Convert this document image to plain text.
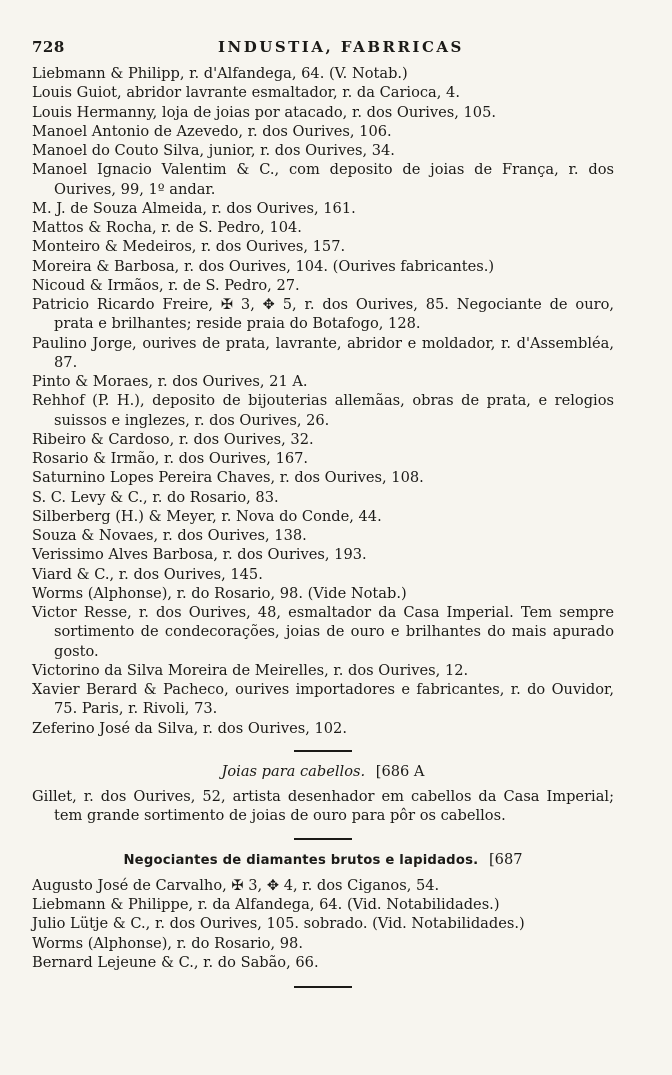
728	INDUSTIA, FABRRICAS

Liebmann & Philipp, r. d'Alfandega, 64. (V. Notab.)

Louis Guiot, abridor lavrante esmaltador, r. da Carioca, 4.

Louis Hermanny, loja de joias por atacado, r. dos Ourives, 105.

Manoel Antonio de Azevedo, r. dos Ourives, 106.

Manoel do Couto Silva, junior, r. dos Ourives, 34.

Manoel Ignacio Valentim & C., com deposito de joias de França, r. dos Ourives, 99, 1º andar.

M. J. de Souza Almeida, r. dos Ourives, 161.

Mattos & Rocha, r. de S. Pedro, 104.

Monteiro & Medeiros, r. dos Ourives, 157.

Moreira & Barbosa, r. dos Ourives, 104. (Ourives fabricantes.)

Nicoud & Irmãos, r. de S. Pedro, 27.

Patricio Ricardo Freire, ✠ 3, ✥ 5, r. dos Ourives, 85. Negociante de ouro, prata e brilhantes; reside praia do Botafogo, 128.

Paulino Jorge, ourives de prata, lavrante, abridor e moldador, r. d'Assembléa, 87.

Pinto & Moraes, r. dos Ourives, 21 A.

Rehhof (P. H.), deposito de bijouterias allemãas, obras de prata, e relogios suissos e inglezes, r. dos Ourives, 26.

Ribeiro & Cardoso, r. dos Ourives, 32.

Rosario & Irmão, r. dos Ourives, 167.

Saturnino Lopes Pereira Chaves, r. dos Ourives, 108.

S. C. Levy & C., r. do Rosario, 83.

Silberberg (H.) & Meyer, r. Nova do Conde, 44.

Souza & Novaes, r. dos Ourives, 138.

Verissimo Alves Barbosa, r. dos Ourives, 193.

Viard & C., r. dos Ourives, 145.

Worms (Alphonse), r. do Rosario, 98. (Vide Notab.)

Victor Resse, r. dos Ourives, 48, esmaltador da Casa Imperial. Tem sempre sortimento de condecorações, joias de ouro e brilhantes do mais apurado gosto.

Victorino da Silva Moreira de Meirelles, r. dos Ourives, 12.

Xavier Berard & Pacheco, ourives importadores e fabricantes, r. do Ouvidor, 75. Paris, r. Rivoli, 73.

Zeferino José da Silva, r. dos Ourives, 102.

Joias para cabellos. [686 A

Gillet, r. dos Ourives, 52, artista desenhador em cabellos da Casa Imperial; tem grande sortimento de joias de ouro para pôr os cabellos.

Negociantes de diamantes brutos e lapidados. [687

Augusto José de Carvalho, ✠ 3, ✥ 4, r. dos Ciganos, 54.

Liebmann & Philippe, r. da Alfandega, 64. (Vid. Notabilidades.)

Julio Lütje & C., r. dos Ourives, 105. sobrado. (Vid. Notabilidades.)

Worms (Alphonse), r. do Rosario, 98.

Bernard Lejeune & C., r. do Sabão, 66.
